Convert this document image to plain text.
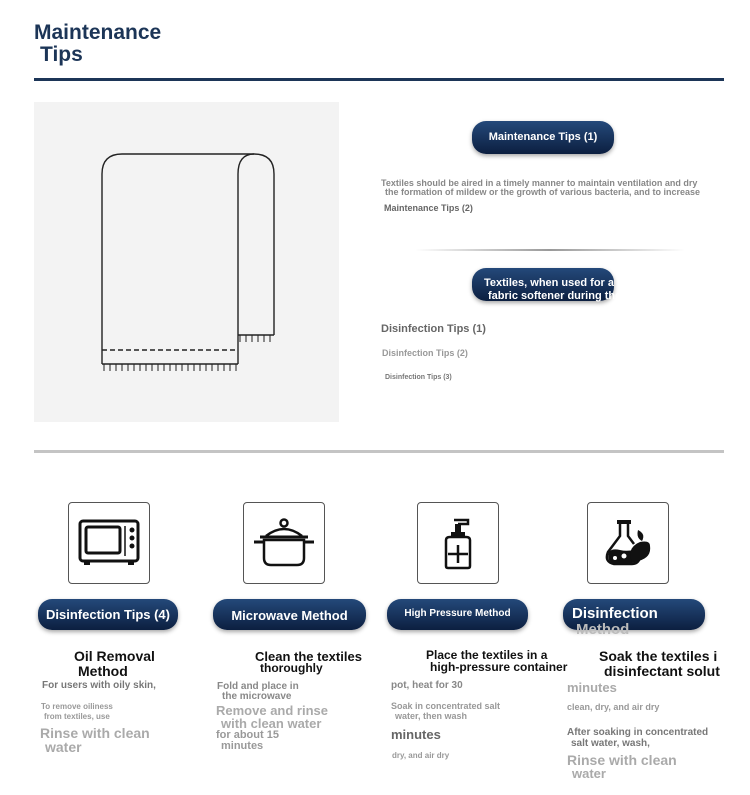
Maintenance
Tips
Maintenance Tips (1)
Textiles should be aired in a timely manner to maintain ventilation and dry
the formation of mildew or the growth of various bacteria, and to increase
Maintenance Tips (2)
Textiles, when used for a long time, may bec
fabric softener during the washing process t
Disinfection Tips (1)
Disinfection Tips (2)
Disinfection Tips (3)
Disinfection Tips (4)
Oil Removal
Method
For users with oily skin,
To remove oiliness
from textiles, use
Rinse with clean
water
Microwave Method
Clean the textiles
thoroughly
Fold and place in
the microwave
Remove and rinse
with clean water
for about 15
minutes
High Pressure Method
Place the textiles in a
high-pressure container
pot, heat for 30
Soak in concentrated salt
water, then wash
minutes
dry, and air dry
Disinfection
Method
Soak the textiles i
disinfectant solut
minutes
clean, dry, and air dry
After soaking in concentrated
salt water, wash,
Rinse with clean
water
